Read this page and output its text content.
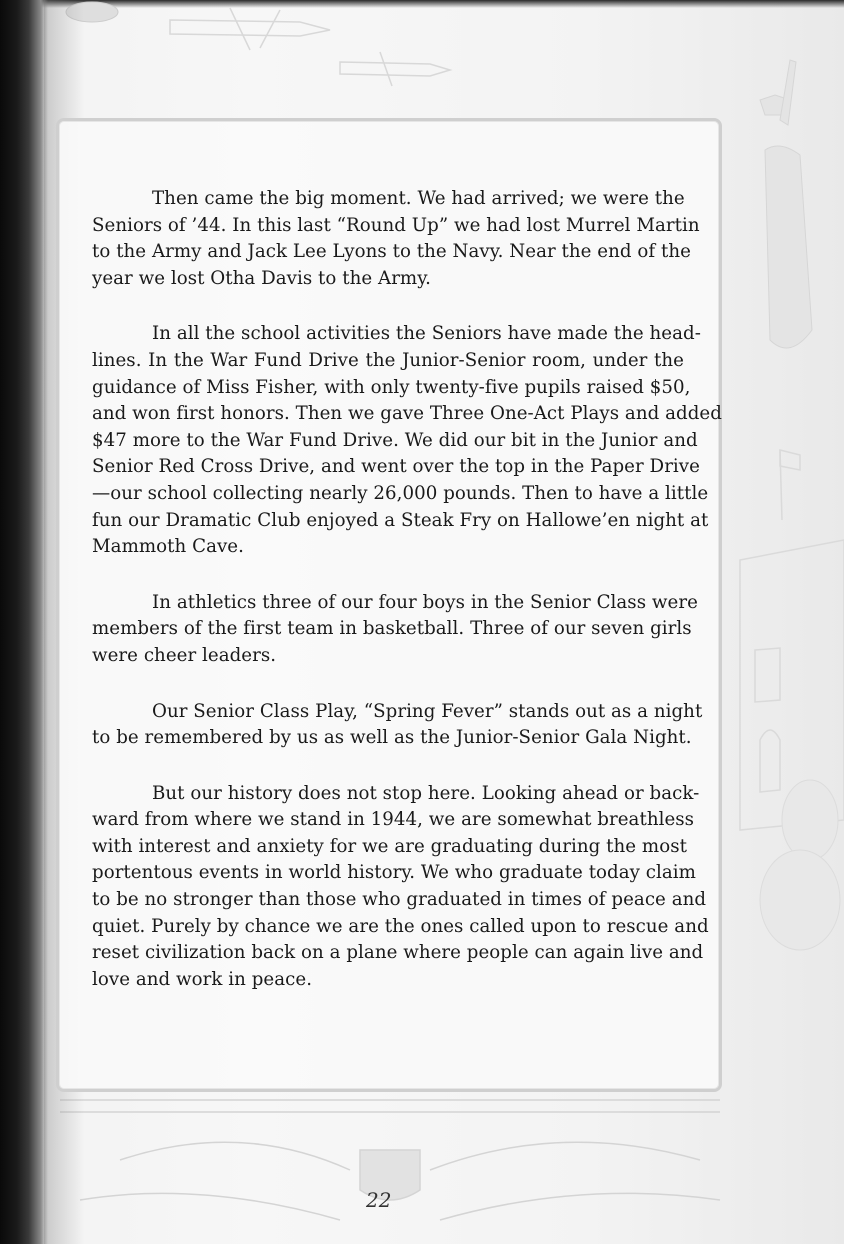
Then came the big moment. We had arrived; we were the
Seniors of ’44. In this last “Round Up” we had lost Murrel Martin
to the Army and Jack Lee Lyons to the Navy. Near the end of the
year we lost Otha Davis to the Army.

In all the school activities the Seniors have made the head-
lines. In the War Fund Drive the Junior-Senior room, under the
guidance of Miss Fisher, with only twenty-five pupils raised $50,
and won first honors. Then we gave Three One-Act Plays and added
$47 more to the War Fund Drive. We did our bit in the Junior and
Senior Red Cross Drive, and went over the top in the Paper Drive
—our school collecting nearly 26,000 pounds. Then to have a little
fun our Dramatic Club enjoyed a Steak Fry on Hallowe’en night at
Mammoth Cave.

In athletics three of our four boys in the Senior Class were
members of the first team in basketball. Three of our seven girls
were cheer leaders.

Our Senior Class Play, “Spring Fever” stands out as a night
to be remembered by us as well as the Junior-Senior Gala Night.

But our history does not stop here. Looking ahead or back-
ward from where we stand in 1944, we are somewhat breathless
with interest and anxiety for we are graduating during the most
portentous events in world history. We who graduate today claim
to be no stronger than those who graduated in times of peace and
quiet. Purely by chance we are the ones called upon to rescue and
reset civilization back on a plane where people can again live and
love and work in peace.

22
